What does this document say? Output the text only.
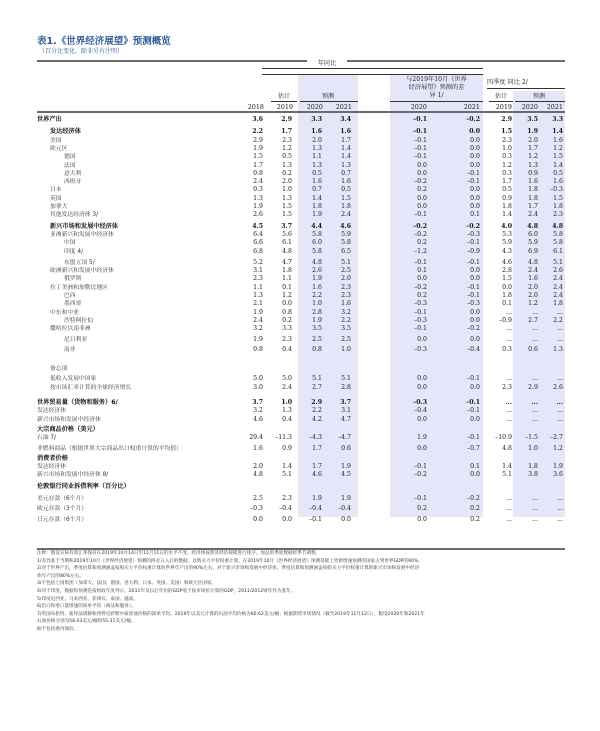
表1.《世界经济展望》预测概览
（百分比变化，除非另有注明）
年同比
与2019年10月《世界
经济展望》预测的差
异 1/
四季度 同比 2/
估计	预测	估计	预测
2018	2019	2020	2021	2020	2021	2019	2020	2021
世界产出	3.6	2.9	3.3	3.4	–0.1	–0.2	2.9	3.5	3.3
发达经济体	2.2	1.7	1.6	1.6	–0.1	0.0	1.5	1.9	1.4
美国	2.9	2.3	2.0	1.7	–0.1	0.0	2.3	2.0	1.6
欧元区	1.9	1.2	1.3	1.4	–0.1	0.0	1.0	1.7	1.2
德国	1.5	0.5	1.1	1.4	–0.1	0.0	0.3	1.2	1.5
法国	1.7	1.3	1.3	1.3	0.0	0.0	1.2	1.3	1.4
意大利	0.8	0.2	0.5	0.7	0.0	–0.1	0.3	0.9	0.5
西班牙	2.4	2.0	1.6	1.6	–0.2	–0.1	1.7	1.6	1.6
日本	0.3	1.0	0.7	0.5	0.2	0.0	0.5	1.8	–0.3
英国	1.3	1.3	1.4	1.5	0.0	0.0	0.9	1.8	1.5
加拿大	1.9	1.5	1.8	1.8	0.0	0.0	1.8	1.7	1.8
其他发达经济体 3/	2.6	1.5	1.9	2.4	–0.1	0.1	1.4	2.4	2.3
新兴市场和发展中经济体	4.5	3.7	4.4	4.6	–0.2	–0.2	4.0	4.8	4.8
亚洲新兴和发展中经济体	6.4	5.6	5.8	5.9	–0.2	–0.3	5.3	6.0	5.8
中国	6.6	6.1	6.0	5.8	0.2	–0.1	5.9	5.9	5.8
印度 4/	6.8	4.8	5.8	6.5	–1.2	–0.9	4.3	6.9	6.1
东盟五国 5/	5.2	4.7	4.8	5.1	–0.1	–0.1	4.6	4.8	5.1
欧洲新兴和发展中经济体	3.1	1.8	2.6	2.5	0.1	0.0	2.8	2.4	2.6
俄罗斯	2.3	1.1	1.9	2.0	0.0	0.0	1.5	1.6	2.4
拉丁美洲和加勒比地区	1.1	0.1	1.6	2.3	–0.2	–0.1	0.0	2.0	2.4
巴西	1.3	1.2	2.2	2.3	0.2	–0.1	1.8	2.0	2.4
墨西哥	2.1	0.0	1.0	1.6	–0.3	–0.3	0.1	1.2	1.8
中东和中亚	1.9	0.8	2.8	3.2	–0.1	0.0	...	...	...
沙特阿拉伯	2.4	0.2	1.9	2.2	–0.3	0.0	–0.9	2.7	2.2
撒哈拉以南非洲	3.2	3.3	3.5	3.5	–0.1	–0.2	...	...	...
尼日利亚	1.9	2.3	2.5	2.5	0.0	0.0	...	...	...
南非	0.8	0.4	0.8	1.0	–0.3	–0.4	0.3	0.6	1.3
备忘项
低收入发展中国家	5.0	5.0	5.1	5.1	0.0	–0.1	...	...	...
按市场汇率计算的全球经济增长	3.0	2.4	2.7	2.8	0.0	0.0	2.3	2.9	2.6
世界贸易量（货物和服务）6/	3.7	1.0	2.9	3.7	–0.3	–0.1	...	...	...
发达经济体	3.2	1.3	2.2	3.1	–0.4	–0.1	...	...	...
新兴市场和发展中经济体	4.6	0.4	4.2	4.7	0.0	0.0	...	...	...
大宗商品价格（美元）
石油 7/	29.4	–11.3	–4.3	–4.7	1.9	–0.1	–10.9	–1.5	–2.7
非燃料商品（根据世界大宗商品出口权重计算的平均值）	1.6	0.9	1.7	0.6	0.0	–0.7	4.8	1.0	1.2
消费者价格
发达经济体	2.0	1.4	1.7	1.9	–0.1	0.1	1.4	1.8	1.9
新兴市场和发展中经济体 8/	4.8	5.1	4.6	4.5	–0.2	0.0	5.1	3.8	3.6
伦敦银行同业拆借利率（百分比）
美元存款（6个月）	2.5	2.3	1.9	1.9	–0.1	–0.2	...	...	...
欧元存款（3个月）	–0.3	–0.4	–0.4	–0.4	0.2	0.2	...	...	...
日元存款（6个月）	0.0	0.0	–0.1	0.0	0.0	0.2	...	...	...
注释：假设实际有效汇率保持在2019年10月14日至11月11日的水平不变。经济体按照其经济规模进行排序。加总的季度数据经季节调整。
1/差异基于当期和2019年10月《世界经济展望》预测的四舍五入后的数据。以购买力平价权重计算。在2019年10月《世界经济展望》预测基础上更新增速预测的国家占到世界GDP的90%。
2/对于世界产出，季度估算和预测涵盖按购买力平价权重计算的世界年产出的90%左右。对于新兴市场和发展中经济体，季度估算和预测涵盖按购买力平价权重计算的新兴市场和发展中经济
体年产出的80%左右。
3/不包括七国集团（加拿大、法国、德国、意大利、日本、英国、美国）和欧元区国家。
4/对于印度，数据和预测是按财政年度列示，2011年及以后年份的GDP基于按市场价计算的GDP，2011/2012财年作为基年。
5/印度尼西亚、马来西亚、菲律宾、泰国、越南。
6/出口和进口量增速的简单平均（商品和服务）。
7/英国布伦特、迪拜法塔赫和西得克萨斯中质原油价格的简单平均。2019年以美元计算的石油平均价格为60.62美元/桶；根据期货市场情况（截至2019年11月12日），假设2020年和2021年
石油价格分别为58.03美元/桶和55.31美元/桶。
8/不包括委内瑞拉。
